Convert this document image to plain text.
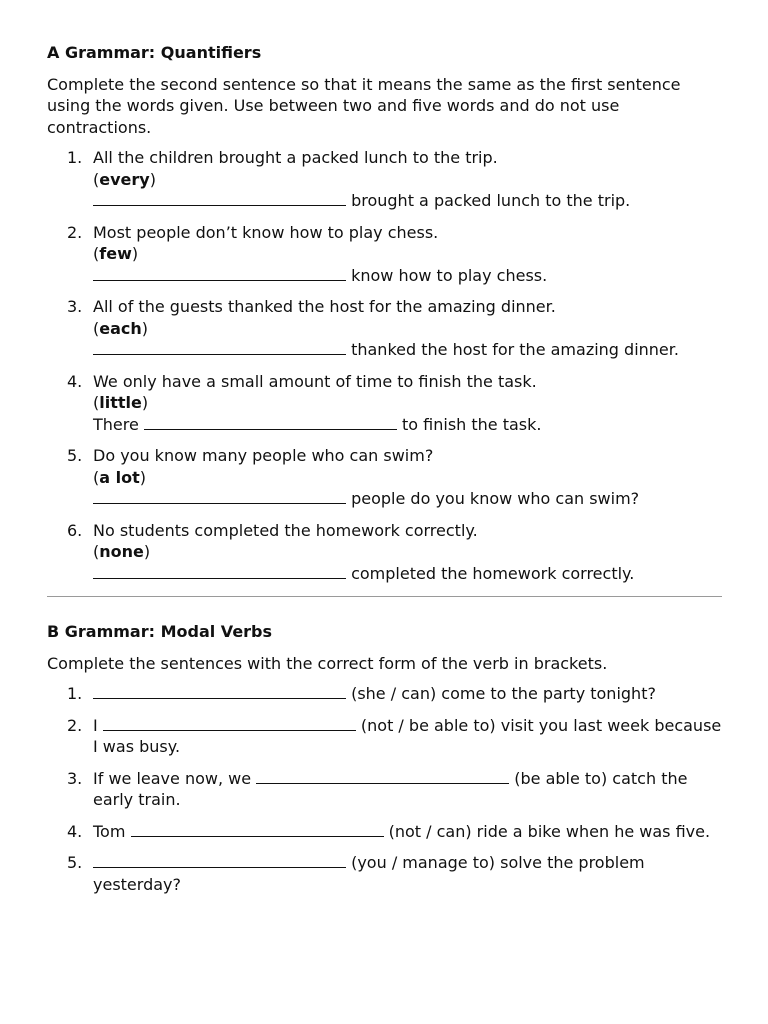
A Grammar: Quantifiers

Complete the second sentence so that it means the same as the first sentence using the words given. Use between two and five words and do not use contractions.

1. All the children brought a packed lunch to the trip.
(every)
brought a packed lunch to the trip.
2. Most people don’t know how to play chess.
(few)
know how to play chess.
3. All of the guests thanked the host for the amazing dinner.
(each)
thanked the host for the amazing dinner.
4. We only have a small amount of time to finish the task.
(little)
There	to finish the task.
5. Do you know many people who can swim?
(a lot)
people do you know who can swim?
6. No students completed the homework correctly.
(none)
completed the homework correctly.

B Grammar: Modal Verbs

Complete the sentences with the correct form of the verb in brackets.

1.	(she / can) come to the party tonight?
2. I	(not / be able to) visit you last week because I was busy.
3. If we leave now, we	(be able to) catch the early train.
4. Tom	(not / can) ride a bike when he was five.
5.	(you / manage to) solve the problem yesterday?
